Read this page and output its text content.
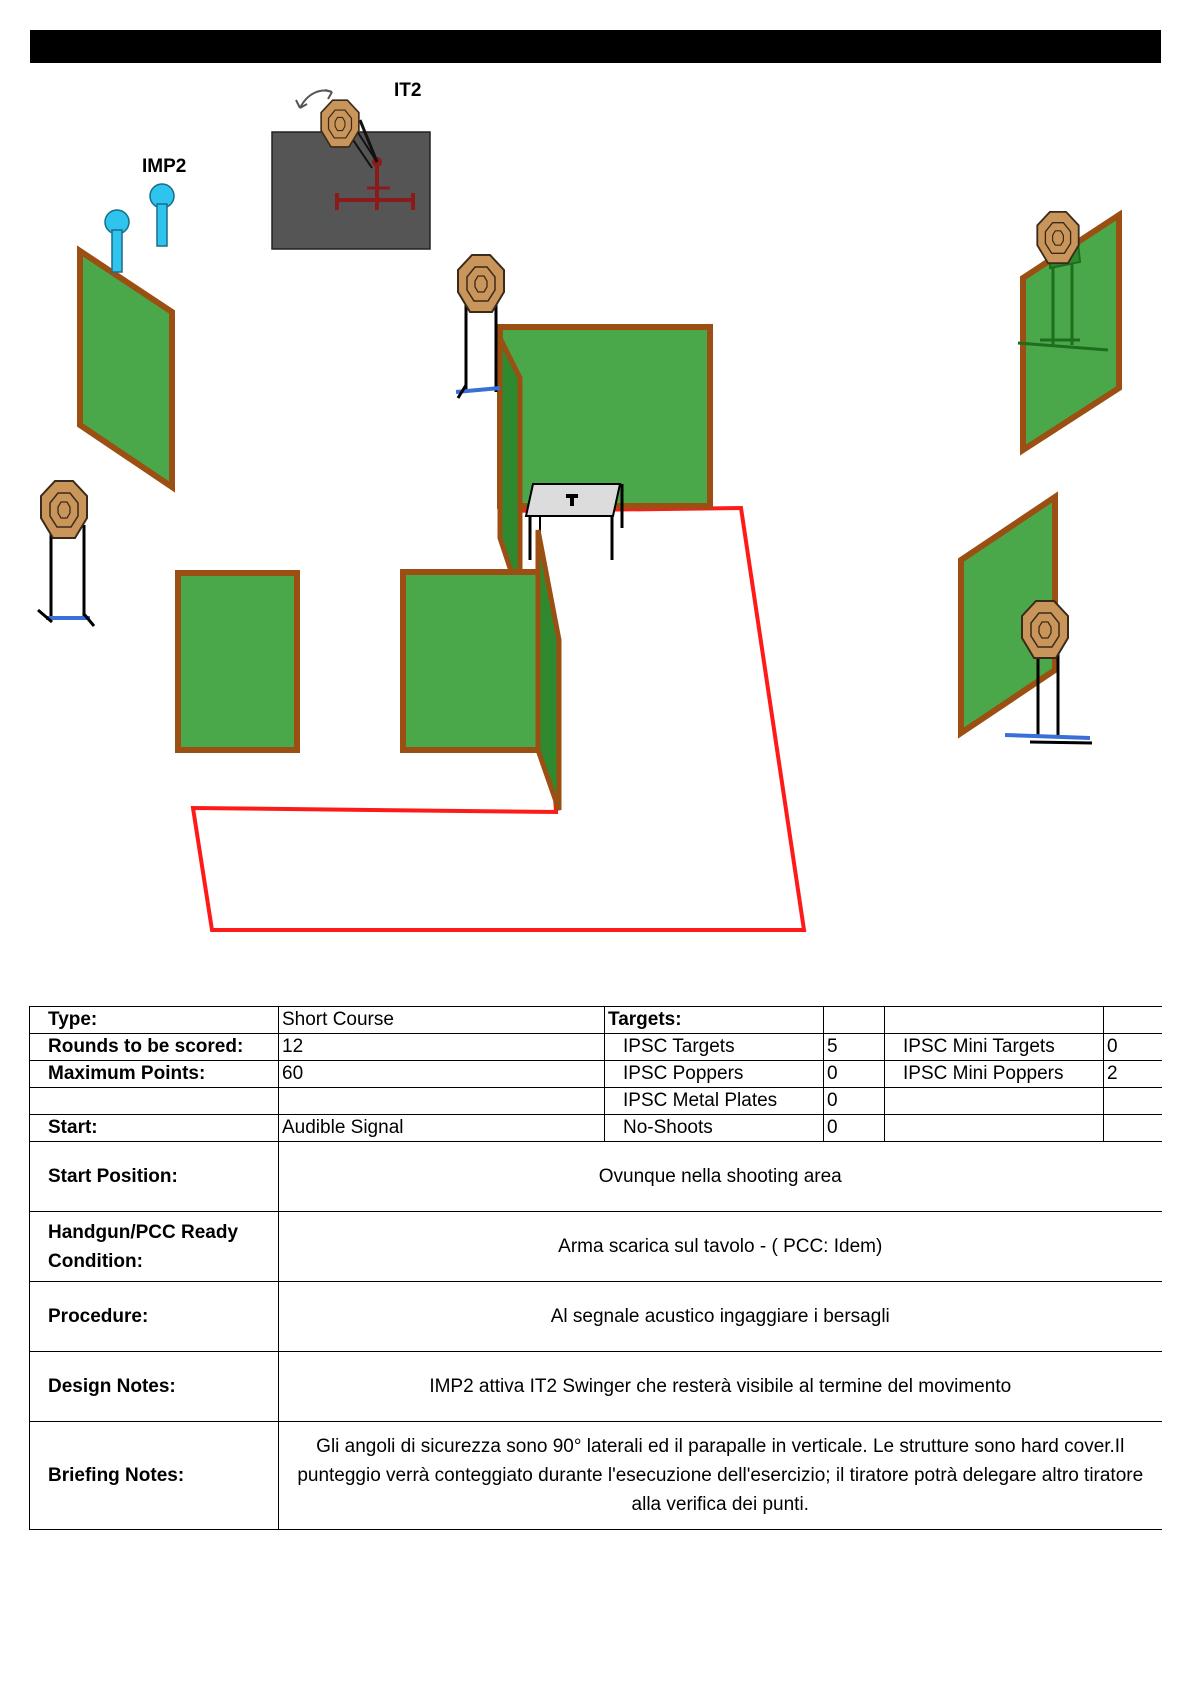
IT2
IMP2
Type:	Short Course	Targets:			
Rounds to be scored:	12	IPSC Targets	5	IPSC Mini Targets	0
Maximum Points:	60	IPSC Poppers	0	IPSC Mini Poppers	2
		IPSC Metal Plates	0		
Start:	Audible Signal	No-Shoots	0		
Start Position:	Ovunque nella shooting area				
Handgun/PCC Ready Condition:	Arma scarica sul tavolo - ( PCC: Idem)				
Procedure:	Al segnale acustico ingaggiare i bersagli				
Design Notes:	IMP2 attiva IT2 Swinger che resterà visibile al termine del movimento				
Briefing Notes:	Gli angoli di sicurezza sono 90° laterali ed il parapalle in verticale. Le strutture sono hard cover.Il punteggio verrà conteggiato durante l'esecuzione dell'esercizio; il tiratore potrà delegare altro tiratore alla verifica dei punti.				
